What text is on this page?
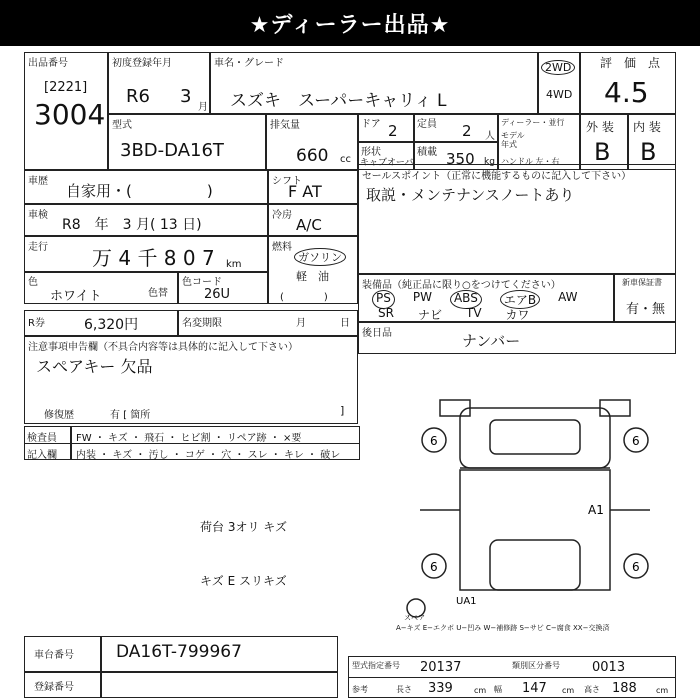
★ディーラー出品★
出品番号
[2221]
3004
初度登録年月
R6 3
月
車名・グレード
スズキ　スーパーキャリィ L
2WD
4WD
評　価　点
4.5
型式
3BD-DA16T
排気量
660 cc
ドア 2 定員 2 人
形状
キャブオーバ
積載 350 kg
ディーラー・並行
モデル年式
ハンドル 左・右
外 装 内 装
B B
車歴
自家用・(　　　　　)
シフト
F AT
車検
R8　年　3 月( 13 日)
冷房
A/C
走行 万 4 千 8 0 7 km
燃料
ガソリン
軽　油
(　　　　)
色
ホワイト	色替
色コード
26U
R券	6,320円	名変期限	月	日
セールスポイント（正常に機能するものに記入して下さい）
取説・メンテナンスノートあり
装備品（純正品に限り○をつけてください）
PS	PW	ABS	エアB	AW
SR ナビ TV カワ
新車保証書
有・無
後日品	ナンバー
注意事項申告欄（不具合内容等は具体的に記入して下さい）
スペアキー 欠品
修復歴	有 [ 箇所	]
検査員
記入欄
FW ・ キズ ・ 飛石 ・ ヒビ割 ・ リペア跡 ・ ×要
内装 ・ キズ ・ 汚し ・ コゲ ・ 穴 ・ スレ ・ キレ ・ 破レ
荷台 3オリ キズ
キズ E スリキズ
6	6
6	6
A1
UA1
スペア
A−キズ E−エクボ U−凹み W−補修跡 S−サビ C−腐食 XX−交換済
車台番号 DA16T-799967
登録番号
型式指定番号 20137	類別区分番号 0013
参考	長さ 339	cm 幅 147 cm 高さ 188 cm
